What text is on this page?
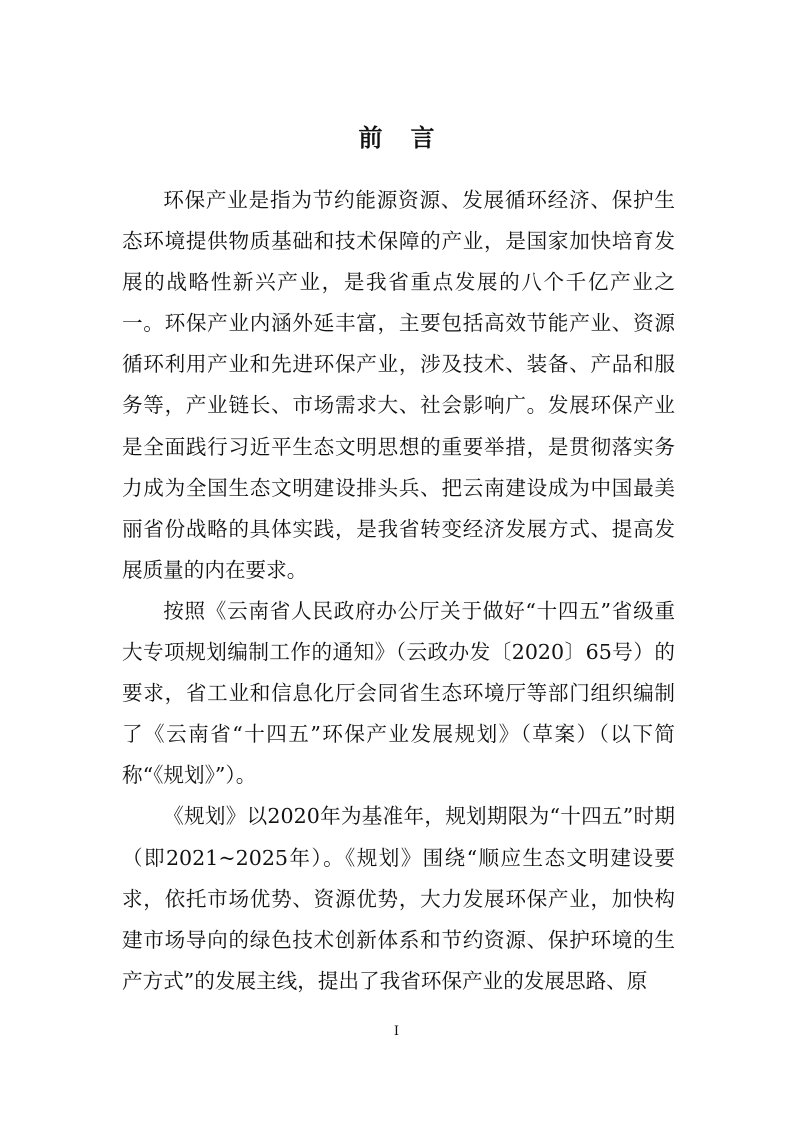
前言

环保产业是指为节约能源资源、发展循环经济、保护生态环境提供物质基础和技术保障的产业，是国家加快培育发展的战略性新兴产业，是我省重点发展的八个千亿产业之一。环保产业内涵外延丰富，主要包括高效节能产业、资源循环利用产业和先进环保产业，涉及技术、装备、产品和服务等，产业链长、市场需求大、社会影响广。发展环保产业是全面践行习近平生态文明思想的重要举措，是贯彻落实务力成为全国生态文明建设排头兵、把云南建设成为中国最美丽省份战略的具体实践，是我省转变经济发展方式、提高发展质量的内在要求。

按照《云南省人民政府办公厅关于做好“十四五”省级重大专项规划编制工作的通知》（云政办发〔2020〕65号）的要求，省工业和信息化厅会同省生态环境厅等部门组织编制了《云南省“十四五”环保产业发展规划》（草案）（以下简称“《规划》”）。

《规划》以2020年为基准年，规划期限为“十四五”时期（即2021~2025年）。《规划》围绕“顺应生态文明建设要求，依托市场优势、资源优势，大力发展环保产业，加快构建市场导向的绿色技术创新体系和节约资源、保护环境的生产方式”的发展主线，提出了我省环保产业的发展思路、原

I
